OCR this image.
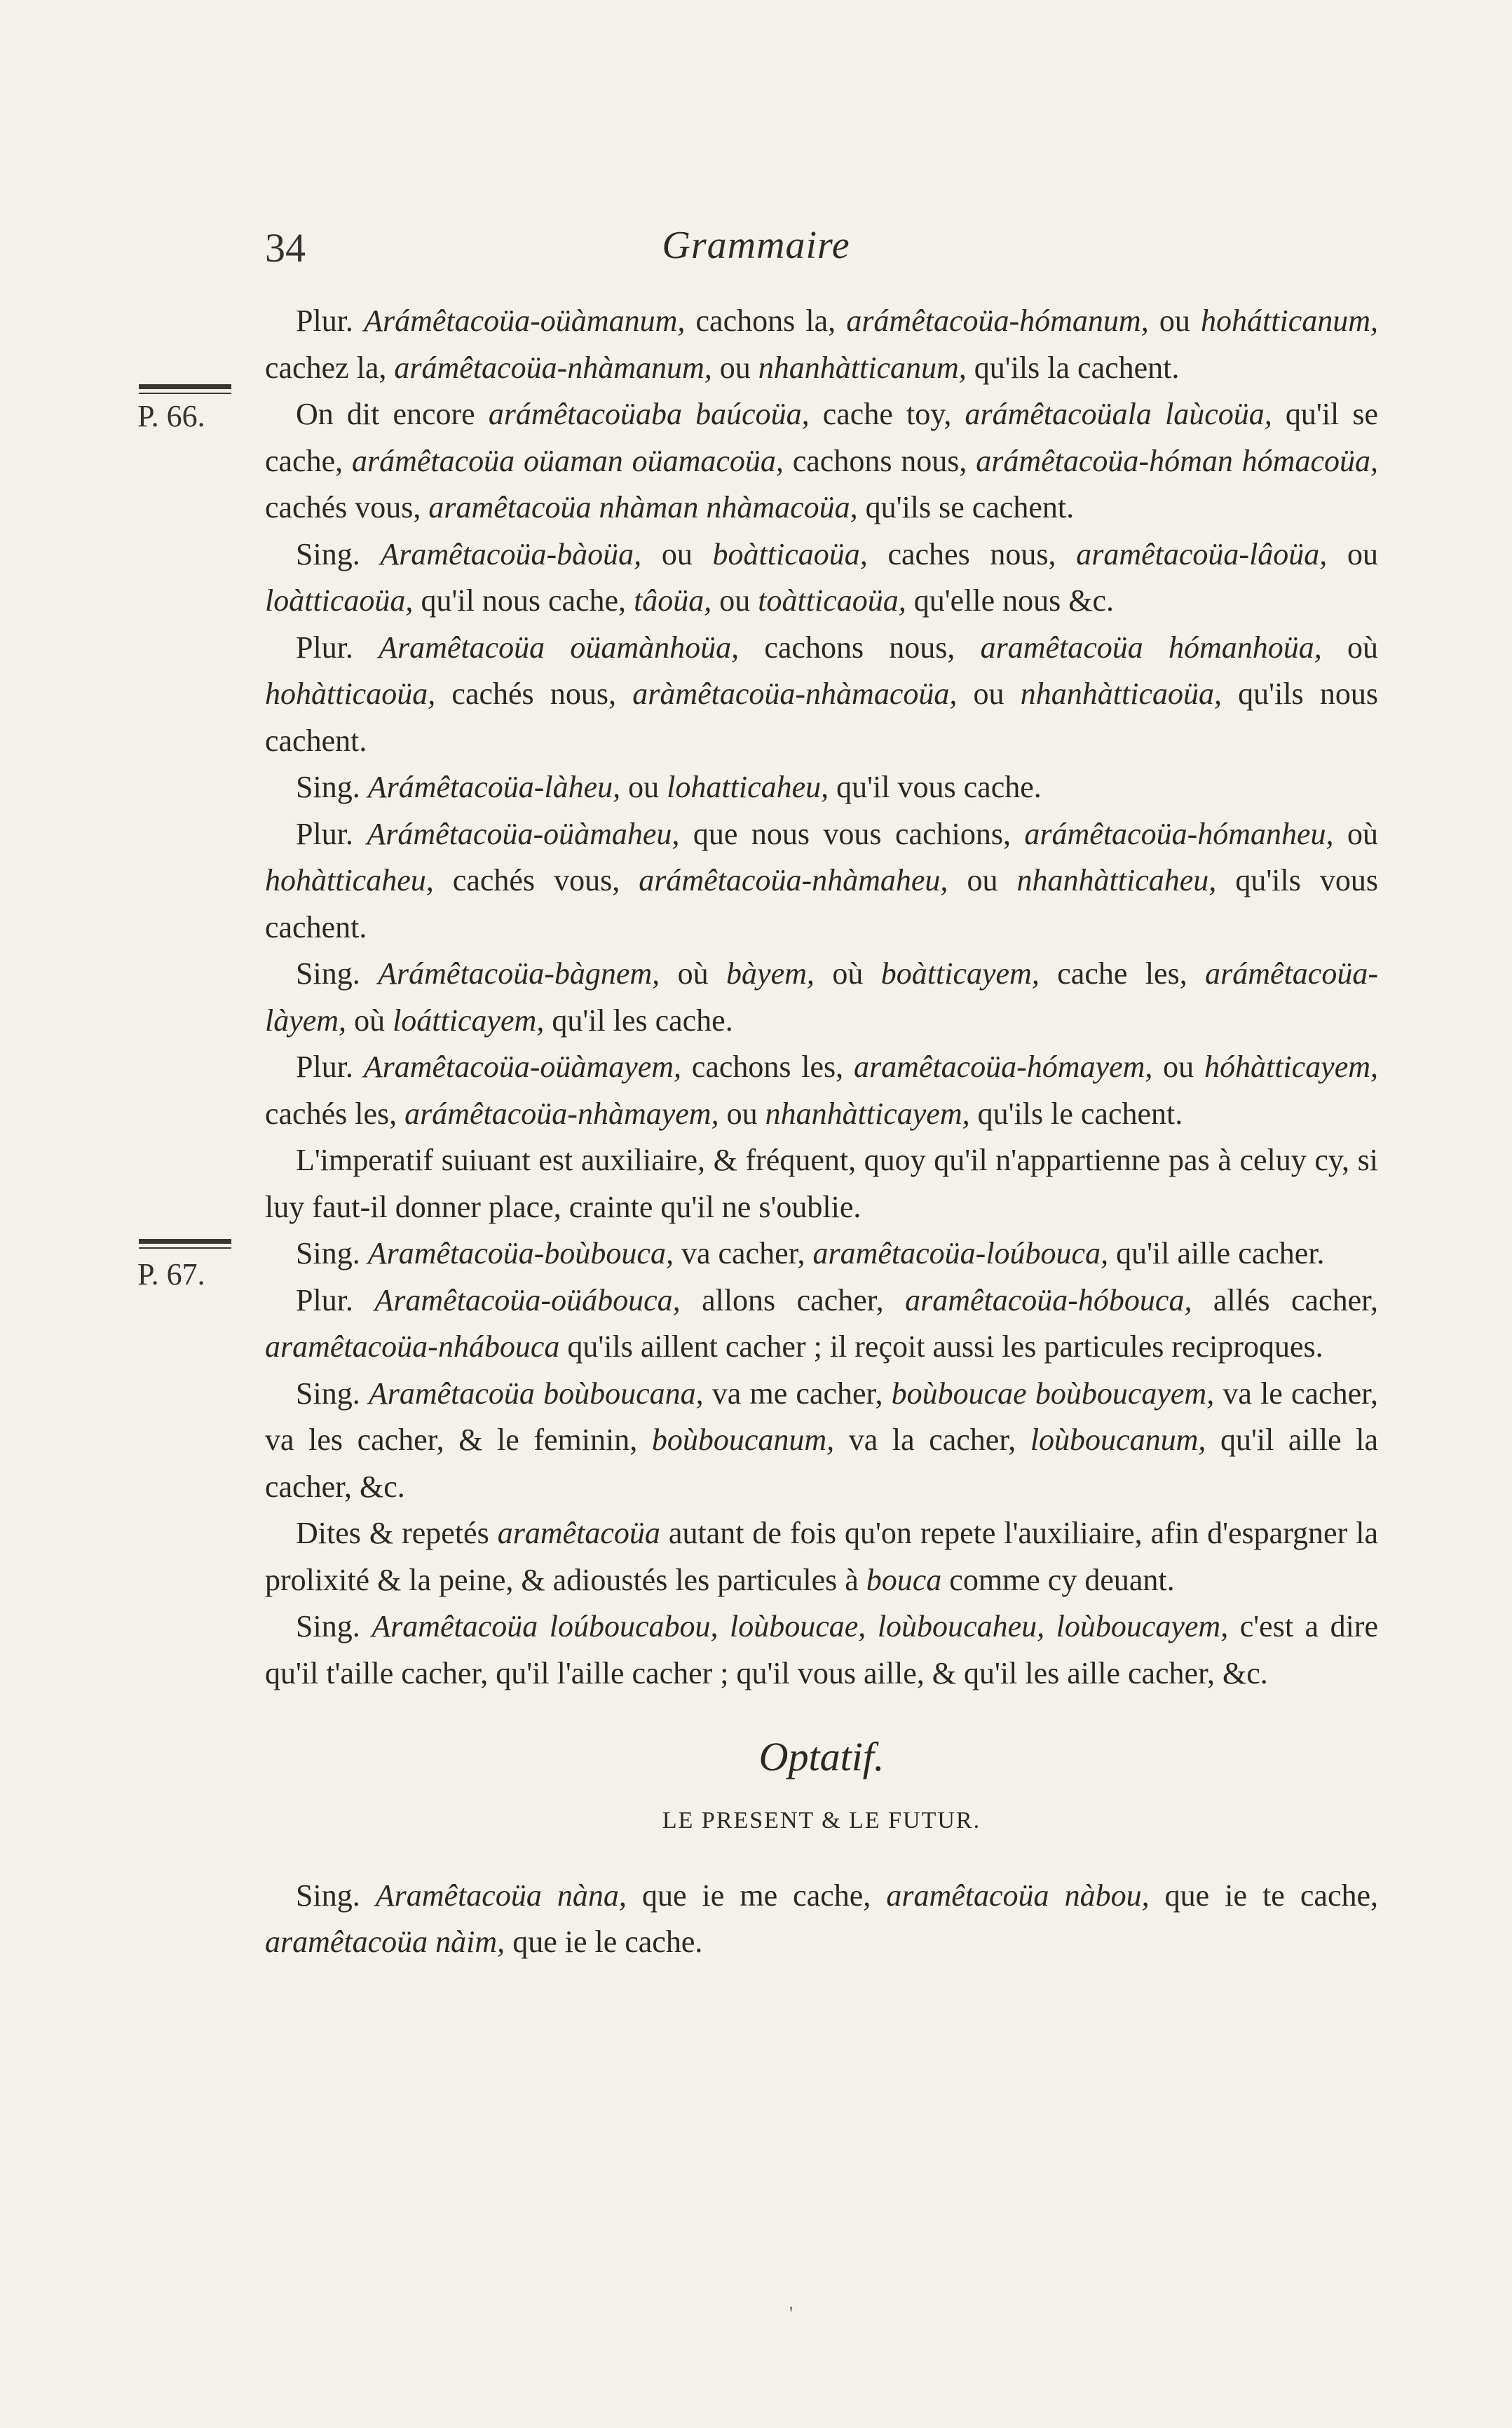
34	Grammaire
P. 66.
P. 67.

Plur. Arámêtacoüa-oüàmanum, cachons la, arámêtacoüa-hómanum, ou hohátticanum, cachez la, arámêtacoüa-nhàmanum, ou nhanhàtticanum, qu'ils la cachent.

On dit encore arámêtacoüaba baúcoüa, cache toy, arámêtacoüala laùcoüa, qu'il se cache, arámêtacoüa oüaman oüamacoüa, cachons nous, arámêtacoüa-hóman hómacoüa, cachés vous, aramêtacoüa nhàman nhàmacoüa, qu'ils se cachent.

Sing. Aramêtacoüa-bàoüa, ou boàtticaoüa, caches nous, aramêtacoüa-lâoüa, ou loàtticaoüa, qu'il nous cache, tâoüa, ou toàtticaoüa, qu'elle nous &c.

Plur. Aramêtacoüa oüamànhoüa, cachons nous, aramêtacoüa hómanhoüa, où hohàtticaoüa, cachés nous, aràmêtacoüa-nhàmacoüa, ou nhanhàtticaoüa, qu'ils nous cachent.

Sing. Arámêtacoüa-làheu, ou lohatticaheu, qu'il vous cache.

Plur. Arámêtacoüa-oüàmaheu, que nous vous cachions, arámêtacoüa-hómanheu, où hohàtticaheu, cachés vous, arámêtacoüa-nhàmaheu, ou nhanhàtticaheu, qu'ils vous cachent.

Sing. Arámêtacoüa-bàgnem, où bàyem, où boàtticayem, cache les, arámêtacoüa-làyem, où loátticayem, qu'il les cache.

Plur. Aramêtacoüa-oüàmayem, cachons les, aramêtacoüa-hómayem, ou hóhàtticayem, cachés les, arámêtacoüa-nhàmayem, ou nhanhàtticayem, qu'ils le cachent.

L'imperatif suiuant est auxiliaire, & fréquent, quoy qu'il n'appartienne pas à celuy cy, si luy faut-il donner place, crainte qu'il ne s'oublie.

Sing. Aramêtacoüa-boùbouca, va cacher, aramêtacoüa-loúbouca, qu'il aille cacher.

Plur. Aramêtacoüa-oüábouca, allons cacher, aramêtacoüa-hóbouca, allés cacher, aramêtacoüa-nhábouca qu'ils aillent cacher ; il reçoit aussi les particules reciproques.

Sing. Aramêtacoüa boùboucana, va me cacher, boùboucae boùboucayem, va le cacher, va les cacher, & le feminin, boùboucanum, va la cacher, loùboucanum, qu'il aille la cacher, &c.

Dites & repetés aramêtacoüa autant de fois qu'on repete l'auxiliaire, afin d'espargner la prolixité & la peine, & adioustés les particules à bouca comme cy deuant.

Sing. Aramêtacoüa loúboucabou, loùboucae, loùboucaheu, loùboucayem, c'est a dire qu'il t'aille cacher, qu'il l'aille cacher ; qu'il vous aille, & qu'il les aille cacher, &c.

Optatif.

LE PRESENT & LE FUTUR.

Sing. Aramêtacoüa nàna, que ie me cache, aramêtacoüa nàbou, que ie te cache, aramêtacoüa nàim, que ie le cache.

'
